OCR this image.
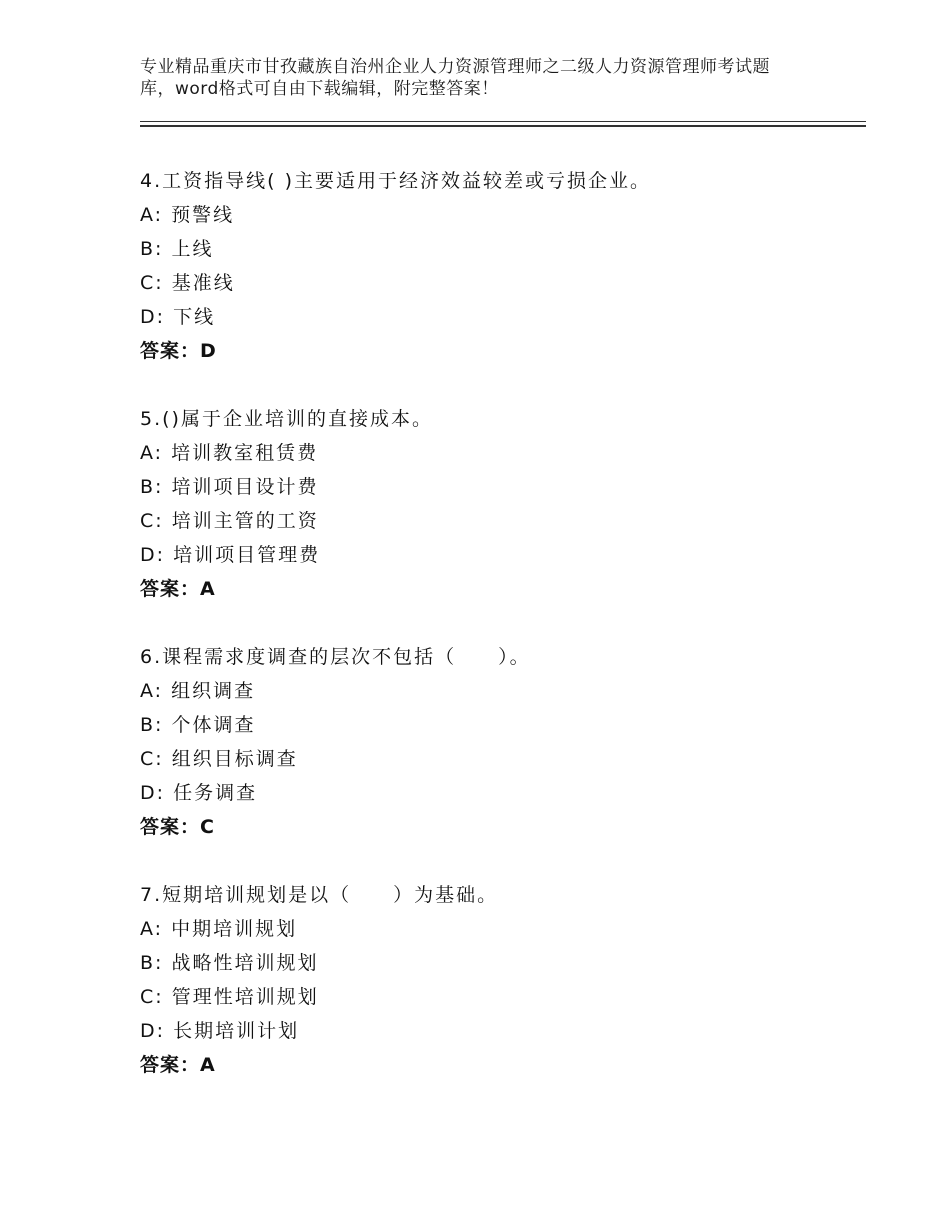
专业精品重庆市甘孜藏族自治州企业人力资源管理师之二级人力资源管理师考试题
库，word格式可自由下载编辑，附完整答案！
4.工资指导线( )主要适用于经济效益较差或亏损企业。
A: 预警线
B: 上线
C: 基准线
D: 下线
答案：D
5.()属于企业培训的直接成本。
A: 培训教室租赁费
B: 培训项目设计费
C: 培训主管的工资
D: 培训项目管理费
答案：A
6.课程需求度调查的层次不包括（　　）。
A: 组织调查
B: 个体调查
C: 组织目标调查
D: 任务调查
答案：C
7.短期培训规划是以（　　）为基础。
A: 中期培训规划
B: 战略性培训规划
C: 管理性培训规划
D: 长期培训计划
答案：A
